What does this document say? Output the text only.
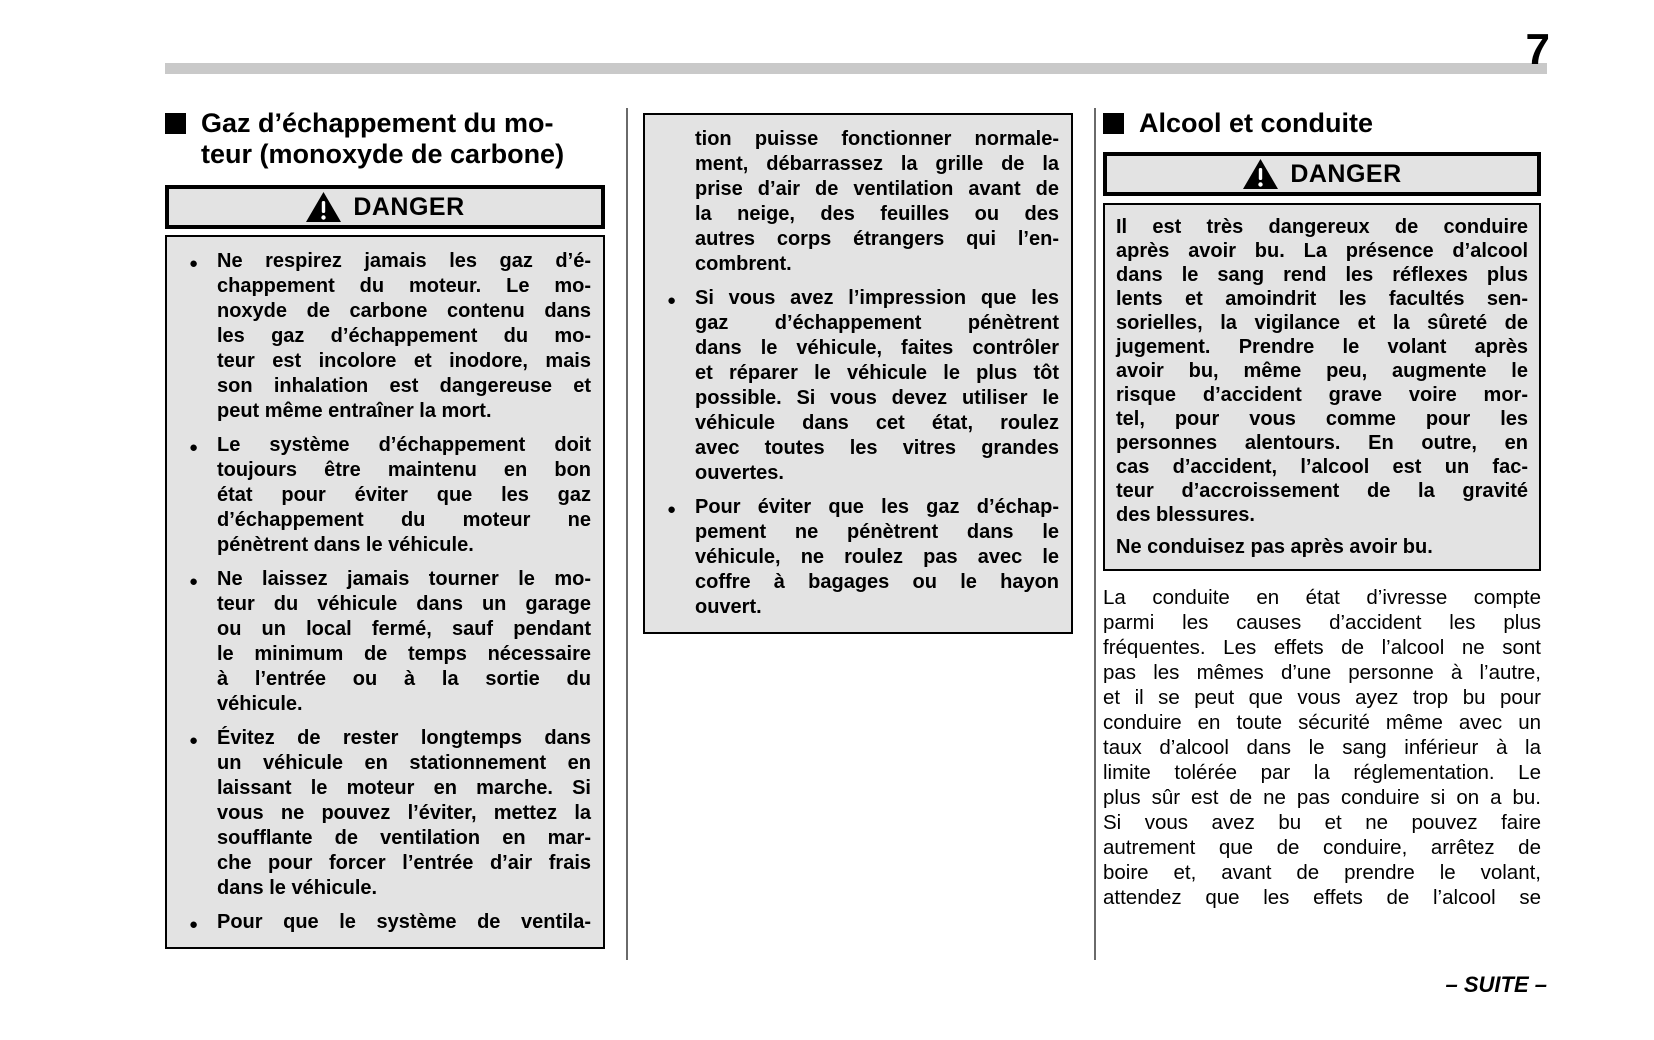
7
Gaz d’échappement du mo-
teur (monoxyde de carbone)
DANGER
● Ne respirez jamais les gaz d’é-
chappement du moteur. Le mo-
noxyde de carbone contenu dans
les gaz d’échappement du mo-
teur est incolore et inodore, mais
son inhalation est dangereuse et
peut même entraîner la mort.
● Le système d’échappement doit
toujours être maintenu en bon
état pour éviter que les gaz
d’échappement du moteur ne
pénètrent dans le véhicule.
● Ne laissez jamais tourner le mo-
teur du véhicule dans un garage
ou un local fermé, sauf pendant
le minimum de temps nécessaire
à l’entrée ou à la sortie du
véhicule.
● Évitez de rester longtemps dans
un véhicule en stationnement en
laissant le moteur en marche. Si
vous ne pouvez l’éviter, mettez la
soufflante de ventilation en mar-
che pour forcer l’entrée d’air frais
dans le véhicule.
● Pour que le système de ventila-
tion puisse fonctionner normale-
ment, débarrassez la grille de la
prise d’air de ventilation avant de
la neige, des feuilles ou des
autres corps étrangers qui l’en-
combrent.
● Si vous avez l’impression que les
gaz d’échappement pénètrent
dans le véhicule, faites contrôler
et réparer le véhicule le plus tôt
possible. Si vous devez utiliser le
véhicule dans cet état, roulez
avec toutes les vitres grandes
ouvertes.
● Pour éviter que les gaz d’échap-
pement ne pénètrent dans le
véhicule, ne roulez pas avec le
coffre à bagages ou le hayon
ouvert.
Alcool et conduite
DANGER
Il est très dangereux de conduire
après avoir bu. La présence d’alcool
dans le sang rend les réflexes plus
lents et amoindrit les facultés sen-
sorielles, la vigilance et la sûreté de
jugement. Prendre le volant après
avoir bu, même peu, augmente le
risque d’accident grave voire mor-
tel, pour vous comme pour les
personnes alentours. En outre, en
cas d’accident, l’alcool est un fac-
teur d’accroissement de la gravité
des blessures.
Ne conduisez pas après avoir bu.
La conduite en état d’ivresse compte
parmi les causes d’accident les plus
fréquentes. Les effets de l’alcool ne sont
pas les mêmes d’une personne à l’autre,
et il se peut que vous ayez trop bu pour
conduire en toute sécurité même avec un
taux d’alcool dans le sang inférieur à la
limite tolérée par la réglementation. Le
plus sûr est de ne pas conduire si on a bu.
Si vous avez bu et ne pouvez faire
autrement que de conduire, arrêtez de
boire et, avant de prendre le volant,
attendez que les effets de l’alcool se
– SUITE –
